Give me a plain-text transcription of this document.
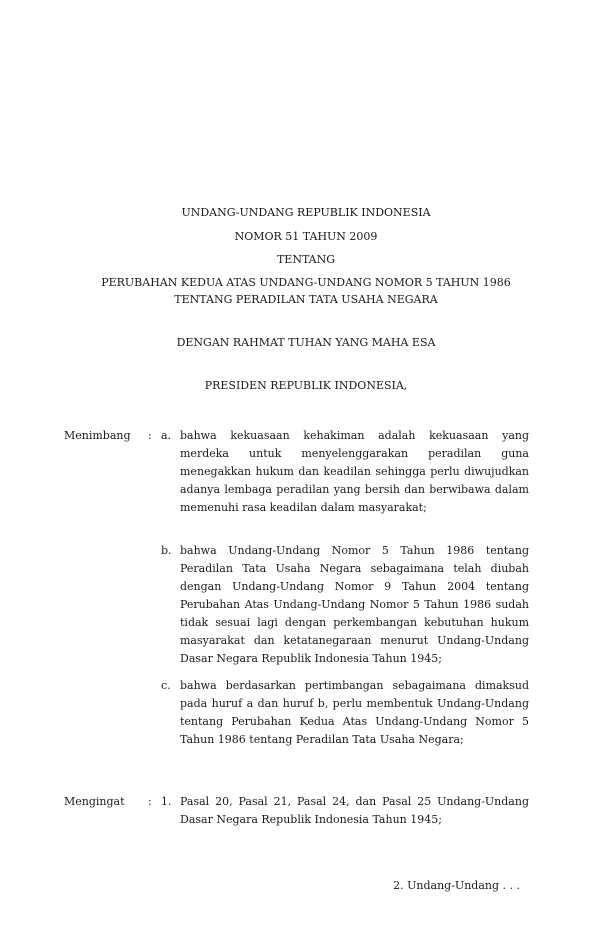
UNDANG-UNDANG REPUBLIK INDONESIA
NOMOR 51 TAHUN 2009
TENTANG
PERUBAHAN KEDUA ATAS UNDANG-UNDANG NOMOR 5 TAHUN 1986
TENTANG PERADILAN TATA USAHA NEGARA
DENGAN RAHMAT TUHAN YANG MAHA ESA
PRESIDEN REPUBLIK INDONESIA,
Menimbang : a. bahwa kekuasaan kehakiman adalah kekuasaan yang merdeka untuk menyelenggarakan peradilan guna menegakkan hukum dan keadilan sehingga perlu diwujudkan adanya lembaga peradilan yang bersih dan berwibawa dalam memenuhi rasa keadilan dalam masyarakat;
b. bahwa Undang-Undang Nomor 5 Tahun 1986 tentang Peradilan Tata Usaha Negara sebagaimana telah diubah dengan Undang-Undang Nomor 9 Tahun 2004 tentang Perubahan Atas Undang-Undang Nomor 5 Tahun 1986 sudah tidak sesuai lagi dengan perkembangan kebutuhan hukum masyarakat dan ketatanegaraan menurut Undang-Undang Dasar Negara Republik Indonesia Tahun 1945;
c. bahwa berdasarkan pertimbangan sebagaimana dimaksud pada huruf a dan huruf b, perlu membentuk Undang-Undang tentang Perubahan Kedua Atas Undang-Undang Nomor 5 Tahun 1986 tentang Peradilan Tata Usaha Negara;
Mengingat : 1. Pasal 20, Pasal 21, Pasal 24, dan Pasal 25 Undang-Undang Dasar Negara Republik Indonesia Tahun 1945;
2. Undang-Undang . . .
